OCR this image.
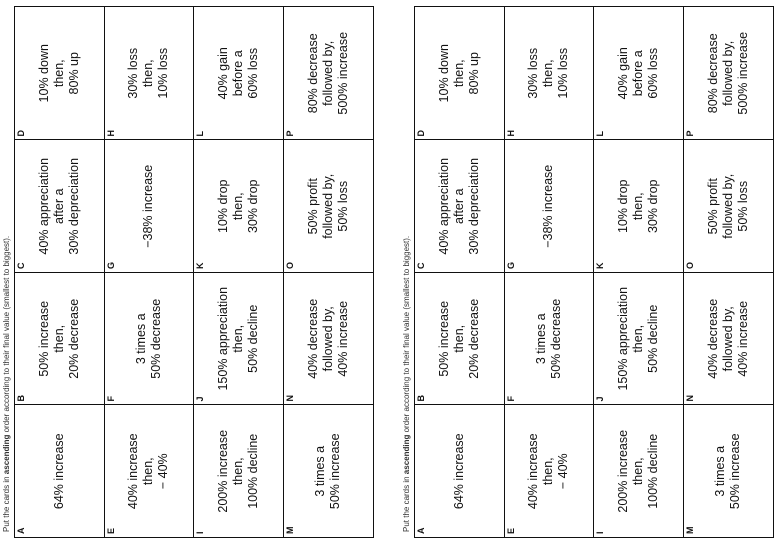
Put the cards in ascending order according to their final value (smallest to biggest).
A
64% increase
B
50% increase
then,
20% decrease
C
40% appreciation
after a
30% depreciation
D
10% down
then,
80% up
E
40% increase
then,
− 40%
F
3 times a
50% decrease
G
−38% increase
H
30% loss
then,
10% loss
I
200% increase
then,
100% decline
J
150% appreciation
then,
50% decline
K
10% drop
then,
30% drop
L
40% gain
before a
60% loss
M
3 times a
50% increase
N
40% decrease
followed by,
40% increase
O
50% profit
followed by,
50% loss
P
80% decrease
followed by,
500% increase
Put the cards in ascending order according to their final value (smallest to biggest).
A
64% increase
B
50% increase
then,
20% decrease
C
40% appreciation
after a
30% depreciation
D
10% down
then,
80% up
E
40% increase
then,
− 40%
F
3 times a
50% decrease
G
−38% increase
H
30% loss
then,
10% loss
I
200% increase
then,
100% decline
J
150% appreciation
then,
50% decline
K
10% drop
then,
30% drop
L
40% gain
before a
60% loss
M
3 times a
50% increase
N
40% decrease
followed by,
40% increase
O
50% profit
followed by,
50% loss
P
80% decrease
followed by,
500% increase
